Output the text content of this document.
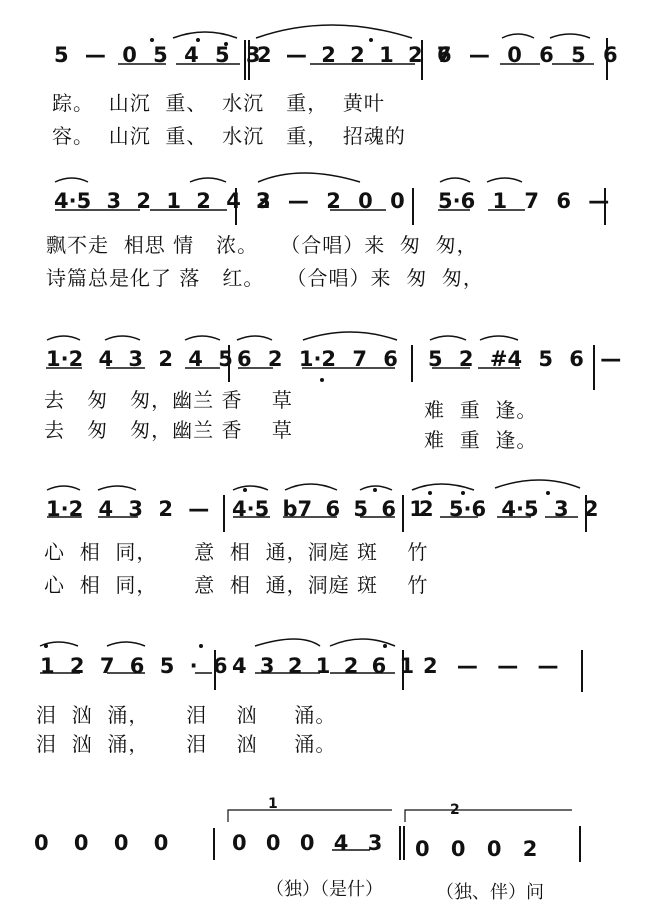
5 — 0 5 4 5 3
2 — 2 2 1 2 7
6 — 0 6 5 6
踪。  山沉  重、  水沉   重，  黄叶
容。  山沉  重、  水沉   重，  招魂的
4·5 3 2 1 2 4 3
2 — 2 0 0 5·6 1 7 6 —
飘不走  相思 情   浓。   （合唱）来  匆  匆，
诗篇总是化了 落   红。   （合唱）来  匆  匆，
1·2 4 3 2 4 5 6 2 1·2 7 6 5 2 #4 5 6 —
去   匆   匆，幽兰 香    草	难  重  逢。
去   匆   匆，幽兰 香    草	难  重  逢。
1·2 4 3 2 — 4·5 b7 6 5 6 1
2 5·6 4·5 3 2
心  相  同，     意  相  通，洞庭 斑    竹
心  相  同，     意  相  通，洞庭 斑    竹
1 2 7 6 5 · 6 4 3 2 1 2 6 1 2 — — —
泪  汹  涌，     泪    汹     涌。
泪  汹  涌，     泪    汹     涌。
1	2
0 0 0 0	0 0 0 4 3 0 0 0 2
（独）（是什）	（独、伴）问
